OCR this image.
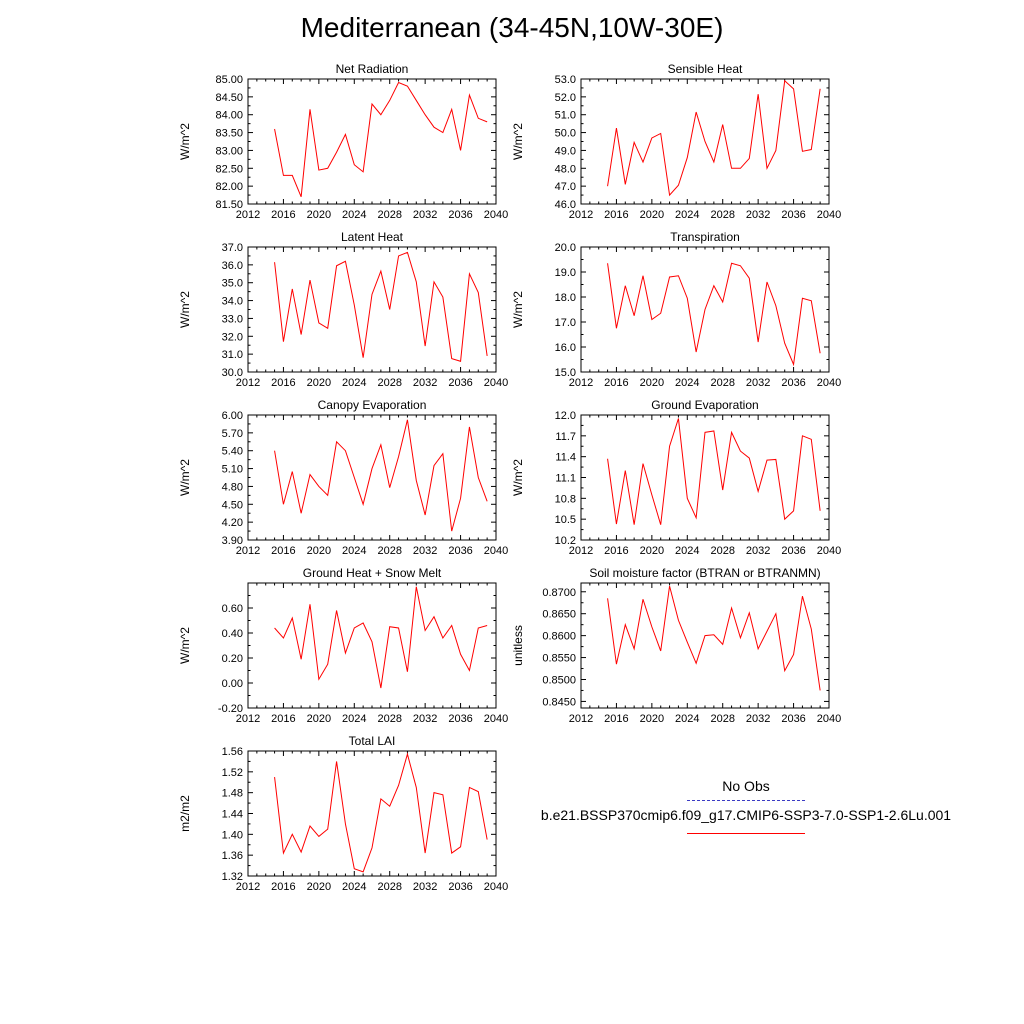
Mediterranean (34-45N,10W-30E)
Net Radiation
W/m^2
2012 2016 2020 2024 2028 2032 2036 2040
81.50
82.00
82.50
83.00
83.50
84.00
84.50
85.00
Sensible Heat
W/m^2
2012 2016 2020 2024 2028 2032 2036 2040
46.0
47.0
48.0
49.0
50.0
51.0
52.0
53.0
Latent Heat
W/m^2
2012 2016 2020 2024 2028 2032 2036 2040
30.0
31.0
32.0
33.0
34.0
35.0
36.0
37.0
Transpiration
W/m^2
2012 2016 2020 2024 2028 2032 2036 2040
15.0
16.0
17.0
18.0
19.0
20.0
Canopy Evaporation
W/m^2
2012 2016 2020 2024 2028 2032 2036 2040
3.90
4.20
4.50
4.80
5.10
5.40
5.70
6.00
Ground Evaporation
W/m^2
2012 2016 2020 2024 2028 2032 2036 2040
10.2
10.5
10.8
11.1
11.4
11.7
12.0
Ground Heat + Snow Melt
W/m^2
2012 2016 2020 2024 2028 2032 2036 2040
-0.20
0.00
0.20
0.40
0.60
Soil moisture factor (BTRAN or BTRANMN)
unitless
2012 2016 2020 2024 2028 2032 2036 2040
0.8450
0.8500
0.8550
0.8600
0.8650
0.8700
Total LAI
m2/m2
2012 2016 2020 2024 2028 2032 2036 2040
1.32
1.36
1.40
1.44
1.48
1.52
1.56
No Obs
b.e21.BSSP370cmip6.f09_g17.CMIP6-SSP3-7.0-SSP1-2.6Lu.001
